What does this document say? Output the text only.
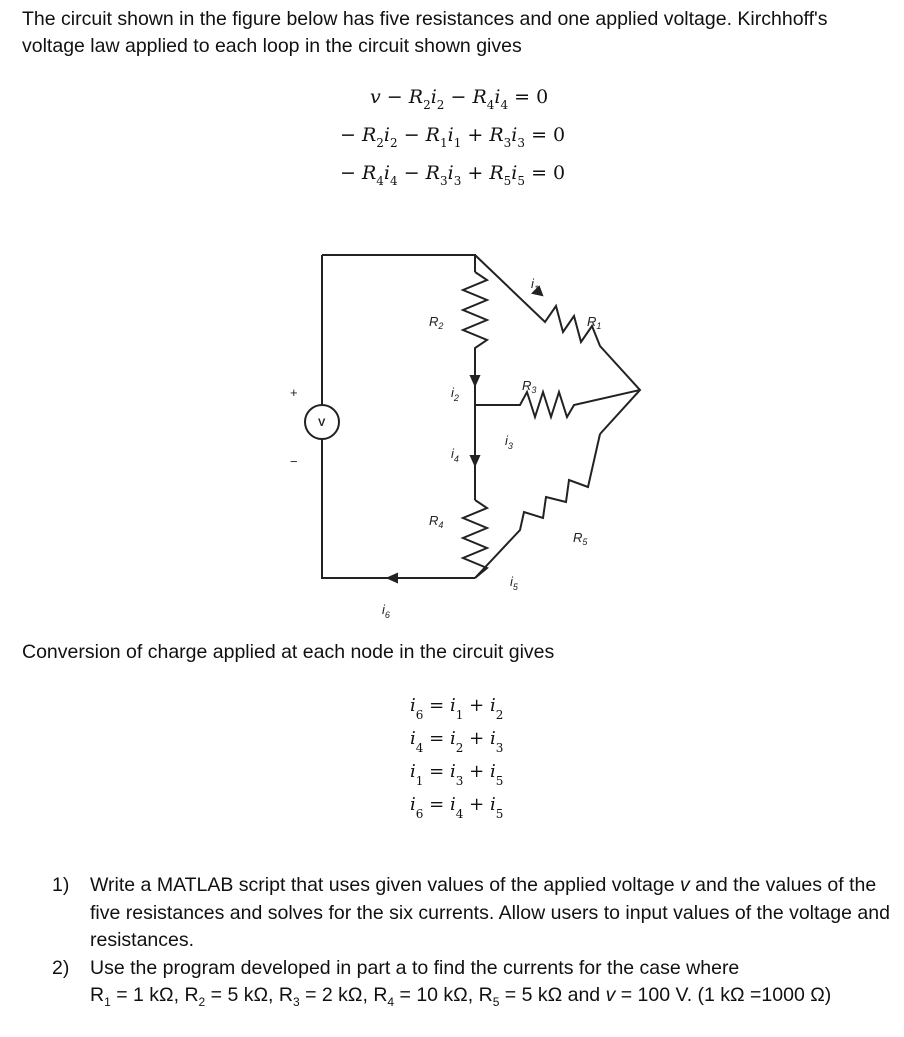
The circuit shown in the figure below has five resistances and one applied voltage. Kirchhoff's voltage law applied to each loop in the circuit shown gives

$v - R_2i_2 - R_4i_4 = 0$
− $R_2i_2 - R_1i_1 + R_3i_3 = 0$
− $R_4i_4 - R_3i_3 + R_5i_5 = 0$
V
+
−
$R_2$
$R_4$
$R_1$
$R_3$
$R_5$
$i_1$
$i_2$
$i_3$
$i_4$
$i_5$
$i_6$

Conversion of charge applied at each node in the circuit gives

$i_6 = i_1 + i_2$
$i_4 = i_2 + i_3$
$i_1 = i_3 + i_5$
$i_6 = i_4 + i_5$
1) Write a MATLAB script that uses given values of the applied voltage v and the values of the five resistances and solves for the six currents. Allow users to input values of the voltage and resistances.
2) Use the program developed in part a to find the currents for the case where
$R_1 = 1$ kΩ, $R_2 = 5$ kΩ, $R_3 = 2$ kΩ, $R_4 = 10$ kΩ, $R_5 = 5$ kΩ and v = 100 V. (1 kΩ =1000 Ω)
